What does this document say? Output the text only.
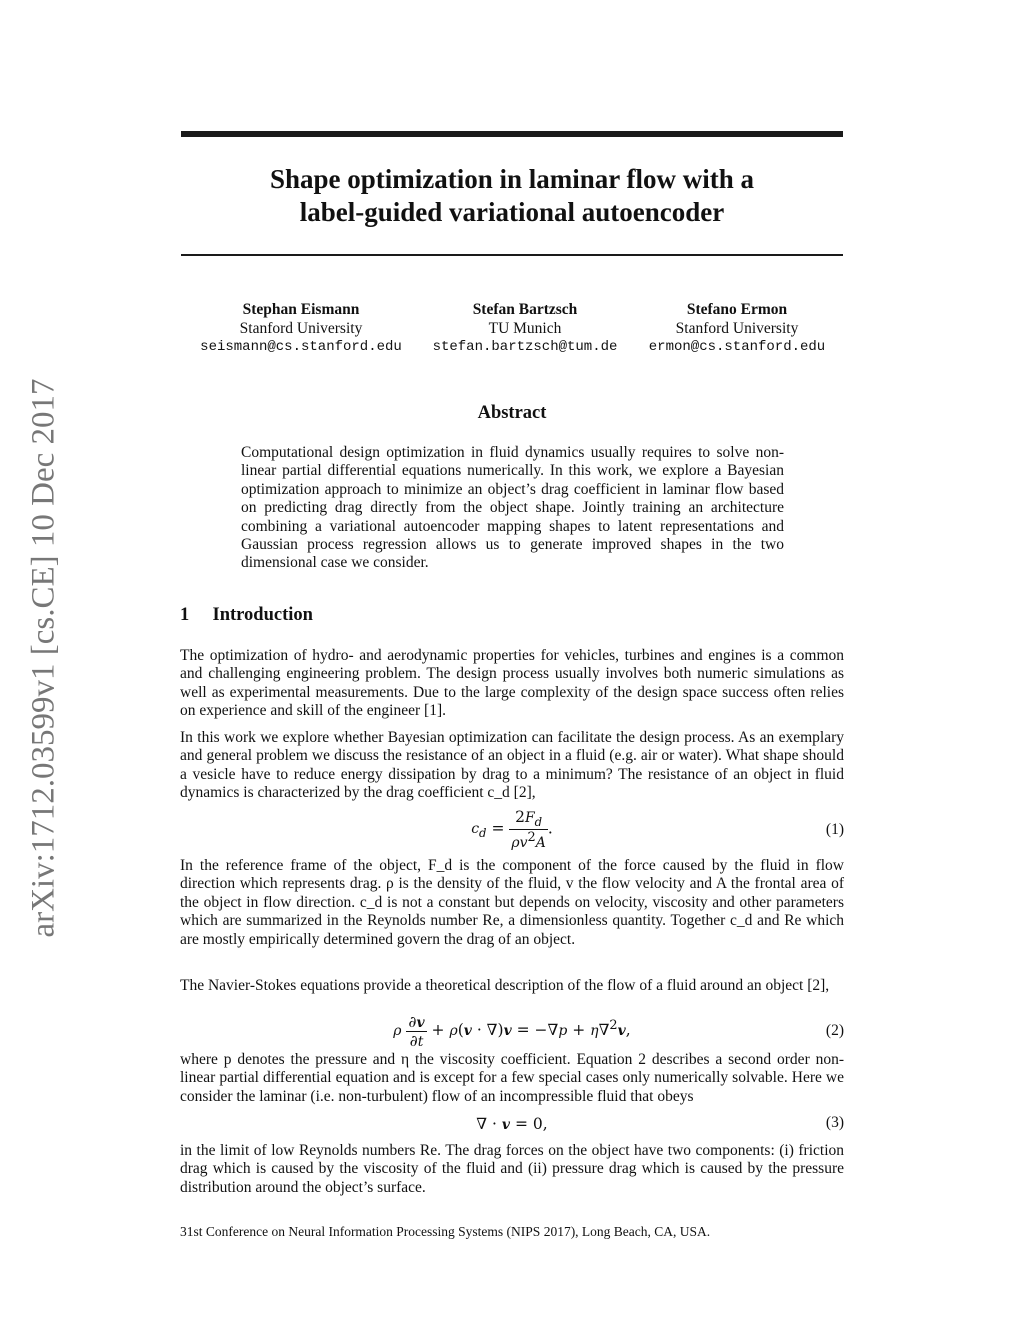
arXiv:1712.03599v1 [cs.CE] 10 Dec 2017
Shape optimization in laminar flow with a
label-guided variational autoencoder
Stephan Eismann
Stanford University
seismann@cs.stanford.edu
Stefan Bartzsch
TU Munich
stefan.bartzsch@tum.de
Stefano Ermon
Stanford University
ermon@cs.stanford.edu
Abstract
Computational design optimization in fluid dynamics usually requires to solve non-linear partial differential equations numerically. In this work, we explore a Bayesian optimization approach to minimize an object’s drag coefficient in laminar flow based on predicting drag directly from the object shape. Jointly training an architecture combining a variational autoencoder mapping shapes to latent representations and Gaussian process regression allows us to generate improved shapes in the two dimensional case we consider.
1 Introduction
The optimization of hydro- and aerodynamic properties for vehicles, turbines and engines is a common and challenging engineering problem. The design process usually involves both numeric simulations as well as experimental measurements. Due to the large complexity of the design space success often relies on experience and skill of the engineer [1].
In this work we explore whether Bayesian optimization can facilitate the design process. As an exemplary and general problem we discuss the resistance of an object in a fluid (e.g. air or water). What shape should a vesicle have to reduce energy dissipation by drag to a minimum? The resistance of an object in fluid dynamics is characterized by the drag coefficient c_d [2],
$c_d = \frac{2F_d}{\rho v^2A}$ .	(1)
In the reference frame of the object, F_d is the component of the force caused by the fluid in flow direction which represents drag. ρ is the density of the fluid, v the flow velocity and A the frontal area of the object in flow direction. c_d is not a constant but depends on velocity, viscosity and other parameters which are summarized in the Reynolds number Re, a dimensionless quantity. Together c_d and Re which are mostly empirically determined govern the drag of an object.
The Navier-Stokes equations provide a theoretical description of the flow of a fluid around an object [2],
ρ $\frac{\partial v}{\partial t} + \rho(v \cdot \nabla)v = -\nabla p + \eta\nabla^2v$,	(2)
where p denotes the pressure and η the viscosity coefficient. Equation 2 describes a second order non-linear partial differential equation and is except for a few special cases only numerically solvable. Here we consider the laminar (i.e. non-turbulent) flow of an incompressible fluid that obeys
∇ · v = 0,	(3)
in the limit of low Reynolds numbers Re. The drag forces on the object have two components: (i) friction drag which is caused by the viscosity of the fluid and (ii) pressure drag which is caused by the pressure distribution around the object’s surface.
31st Conference on Neural Information Processing Systems (NIPS 2017), Long Beach, CA, USA.
